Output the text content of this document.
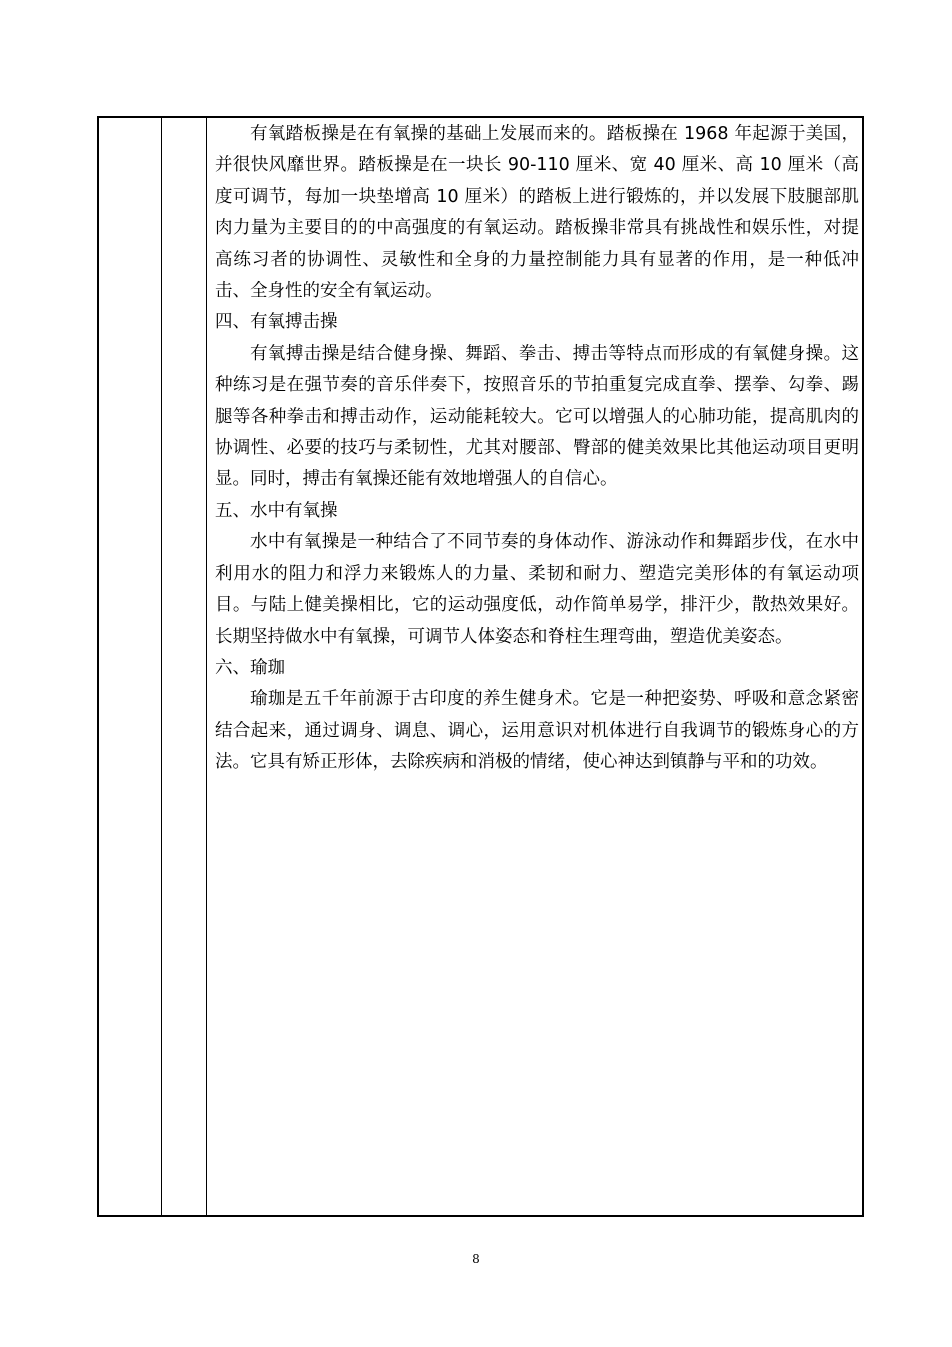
有氧踏板操是在有氧操的基础上发展而来的。踏板操在 1968 年起源于美国，并很快风靡世界。踏板操是在一块长 90-110 厘米、宽 40 厘米、高 10 厘米（高度可调节，每加一块垫增高 10 厘米）的踏板上进行锻炼的，并以发展下肢腿部肌肉力量为主要目的的中高强度的有氧运动。踏板操非常具有挑战性和娱乐性，对提高练习者的协调性、灵敏性和全身的力量控制能力具有显著的作用，是一种低冲击、全身性的安全有氧运动。

四、有氧搏击操

有氧搏击操是结合健身操、舞蹈、拳击、搏击等特点而形成的有氧健身操。这种练习是在强节奏的音乐伴奏下，按照音乐的节拍重复完成直拳、摆拳、勾拳、踢腿等各种拳击和搏击动作，运动能耗较大。它可以增强人的心肺功能，提高肌肉的协调性、必要的技巧与柔韧性，尤其对腰部、臀部的健美效果比其他运动项目更明显。同时，搏击有氧操还能有效地增强人的自信心。

五、水中有氧操

水中有氧操是一种结合了不同节奏的身体动作、游泳动作和舞蹈步伐，在水中利用水的阻力和浮力来锻炼人的力量、柔韧和耐力、塑造完美形体的有氧运动项目。与陆上健美操相比，它的运动强度低，动作简单易学，排汗少，散热效果好。长期坚持做水中有氧操，可调节人体姿态和脊柱生理弯曲，塑造优美姿态。

六、瑜珈

瑜珈是五千年前源于古印度的养生健身术。它是一种把姿势、呼吸和意念紧密结合起来，通过调身、调息、调心，运用意识对机体进行自我调节的锻炼身心的方法。它具有矫正形体，去除疾病和消极的情绪，使心神达到镇静与平和的功效。

8
